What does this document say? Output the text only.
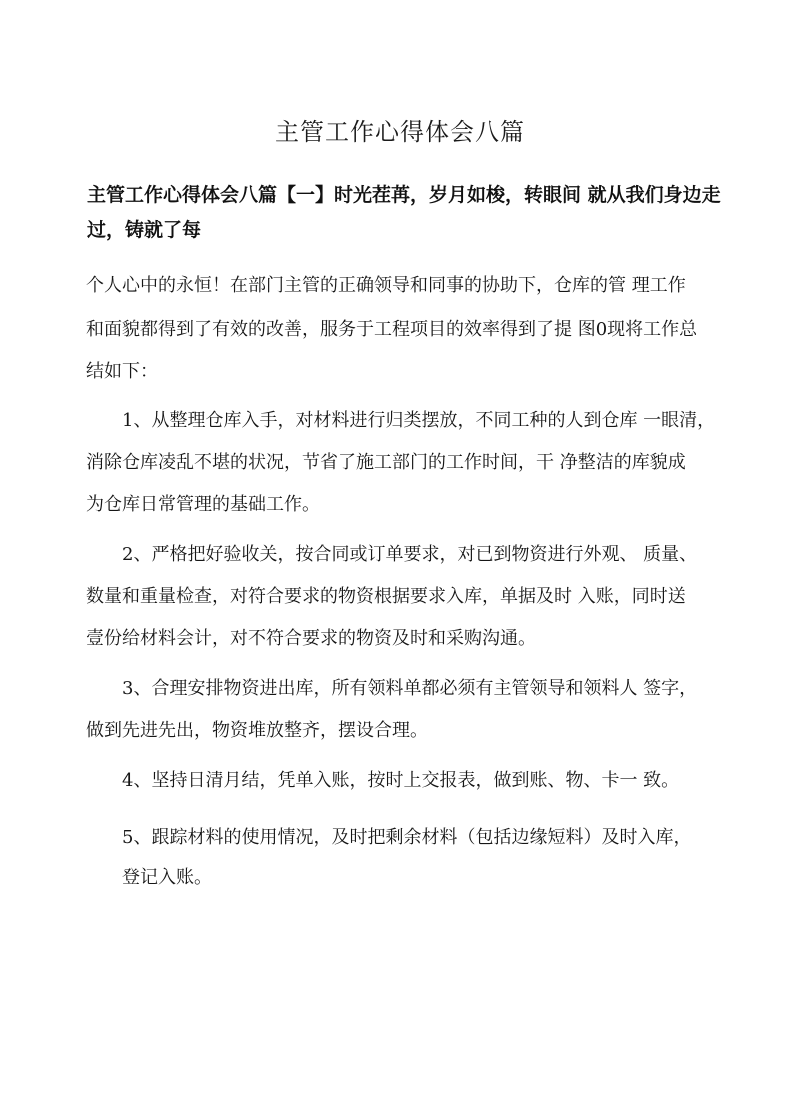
主管工作心得体会八篇
主管工作心得体会八篇【一】时光茬苒，岁月如梭，转眼间 就从我们身边走
过，铸就了每
个人心中的永恒！在部门主管的正确领导和同事的协助下，仓库的管 理工作
和面貌都得到了有效的改善，服务于工程项目的效率得到了提 图0现将工作总
结如下：
1、从整理仓库入手，对材料进行归类摆放，不同工种的人到仓库 一眼清，
消除仓库凌乱不堪的状况，节省了施工部门的工作时间，干 净整洁的库貌成
为仓库日常管理的基础工作。
2、严格把好验收关，按合同或订单要求，对已到物资进行外观、 质量、
数量和重量检查，对符合要求的物资根据要求入库，单据及时 入账，同时送
壹份给材料会计，对不符合要求的物资及时和采购沟通。
3、合理安排物资进出库，所有领料单都必须有主管领导和领料人 签字，
做到先进先出，物资堆放整齐，摆设合理。
4、坚持日清月结，凭单入账，按时上交报表，做到账、物、卡一 致。
5、跟踪材料的使用情况，及时把剩余材料（包括边缘短料）及时入库，
登记入账。
